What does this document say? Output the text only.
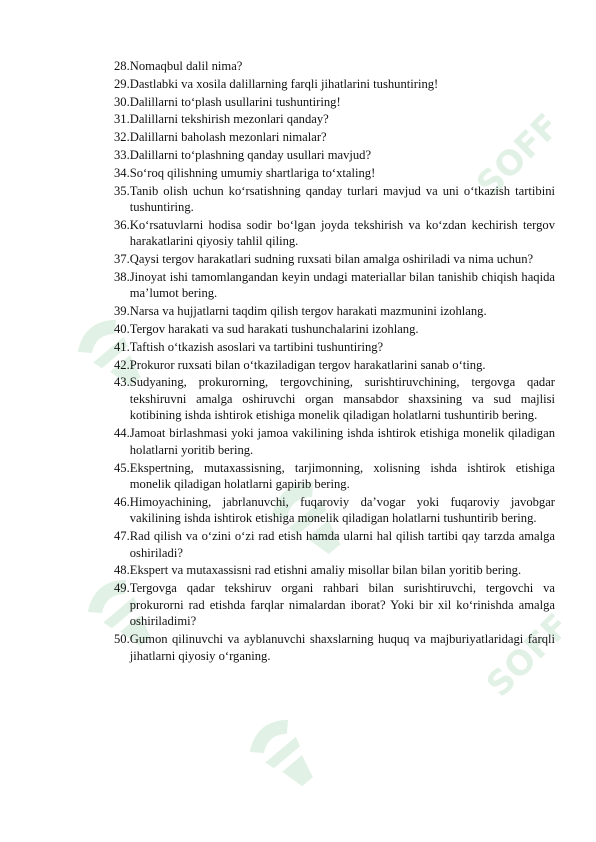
SOFF
SOFF
28. Nomaqbul dalil nima?
29. Dastlabki va xosila dalillarning farqli jihatlarini tushuntiring!
30. Dalillarni to‘plash usullarini tushuntiring!
31. Dalillarni tekshirish mezonlari qanday?
32. Dalillarni baholash mezonlari nimalar?
33. Dalillarni to‘plashning qanday usullari mavjud?
34. So‘roq qilishning umumiy shartlariga to‘xtaling!
35. Tanib olish uchun ko‘rsatishning qanday turlari mavjud va uni o‘tkazish tartibini tushuntiring.
36. Ko‘rsatuvlarni hodisa sodir bo‘lgan joyda tekshirish va ko‘zdan kechirish tergov harakatlarini qiyosiy tahlil qiling.
37. Qaysi tergov harakatlari sudning ruxsati bilan amalga oshiriladi va nima uchun?
38. Jinoyat ishi tamomlangandan keyin undagi materiallar bilan tanishib chiqish haqida ma’lumot bering.
39. Narsa va hujjatlarni taqdim qilish tergov harakati mazmunini izohlang.
40. Tergov harakati va sud harakati tushunchalarini izohlang.
41. Taftish o‘tkazish asoslari va tartibini tushuntiring?
42. Prokuror ruxsati bilan o‘tkaziladigan tergov harakatlarini sanab o‘ting.
43. Sudyaning, prokurorning, tergovchining, surishtiruvchining, tergovga qadar tekshiruvni amalga oshiruvchi organ mansabdor shaxsining va sud majlisi kotibining ishda ishtirok etishiga monelik qiladigan holatlarni tushuntirib bering.
44. Jamoat birlashmasi yoki jamoa vakilining ishda ishtirok etishiga monelik qiladigan holatlarni yoritib bering.
45. Ekspertning, mutaxassisning, tarjimonning, xolisning ishda ishtirok etishiga monelik qiladigan holatlarni gapirib bering.
46. Himoyachining, jabrlanuvchi, fuqaroviy da’vogar yoki fuqaroviy javobgar vakilining ishda ishtirok etishiga monelik qiladigan holatlarni tushuntirib bering.
47. Rad qilish va o‘zini o‘zi rad etish hamda ularni hal qilish tartibi qay tarzda amalga oshiriladi?
48. Ekspert va mutaxassisni rad etishni amaliy misollar bilan bilan yoritib bering.
49. Tergovga qadar tekshiruv organi rahbari bilan surishtiruvchi, tergovchi va prokurorni rad etishda farqlar nimalardan iborat? Yoki bir xil ko‘rinishda amalga oshiriladimi?
50. Gumon qilinuvchi va ayblanuvchi shaxslarning huquq va majburiyatlaridagi farqli jihatlarni qiyosiy o‘rganing.
